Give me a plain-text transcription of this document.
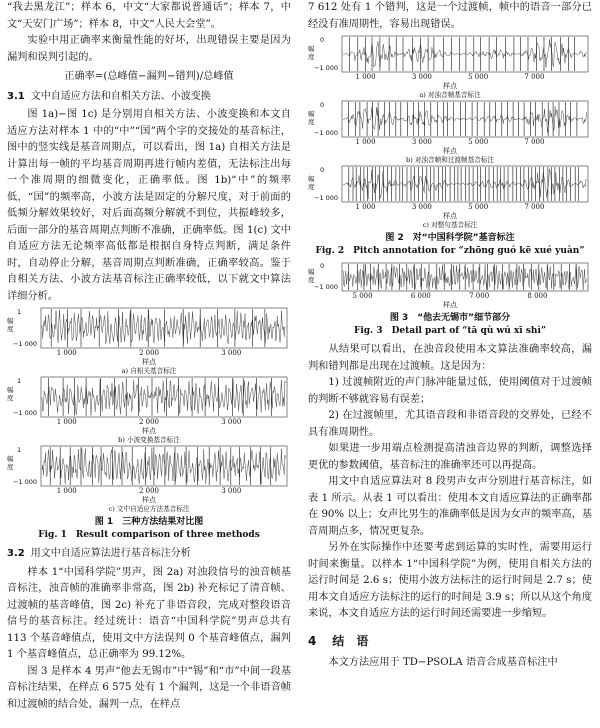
“我去黑龙江”；样本 6，中文“大家都说普通话”；样本 7，中文“天安门广场”；样本 8，中文“人民大会堂”。

实验中用正确率来衡量性能的好坏，出现错误主要是因为漏判和误判引起的。

正确率=(总峰值−漏判−错判)/总峰值

3.1 文中自适应方法和自相关方法、小波变换

图 1a)−图 1c) 是分别用自相关方法、小波变换和本文自适应方法对样本 1 中的“中”“国”两个字的交接处的基音标注，图中的竖实线是基音周期点，可以看出，图 1a) 自相关方法是计算出每一帧的平均基音周期再进行帧内差值，无法标注出每一个准周期的细微变化，正确率低。图 1b)“中”的频率低，“国”的频率高，小波方法是固定的分解尺度，对于前面的低频分解效果较好，对后面高频分解就不到位，共振峰较多，后面一部分的基音周期点判断不准确，正确率低。图 1(c) 文中自适应方法无论频率高低都是根据自身特点判断，满足条件时，自动停止分解，基音周期点判断准确，正确率较高。鉴于自相关方法、小波方法基音标注正确率较低，以下就文中算法详细分析。

幅度
1
−1 000
1 000	2 000	3 000
样点
a) 自相关基音标注
幅度
1
−1 000
1 000	2 000	3 000
样点
b) 小波变换基音标注
幅度
1
−1 000
1 000	2 000	3 000
样点
c) 文中自适应方法基音标注
图 1　三种方法结果对比图
Fig. 1　Result comparison of three methods
3.2 用文中自适应算法进行基音标注分析

样本 1“中国科学院”男声，图 2a) 对浊段信号的浊音帧基音标注，浊音帧的准确率非常高，图 2b) 补充标记了清音帧、过渡帧的基音峰值，图 2c) 补充了非语音段，完成对整段语音信号的基音标注。经过统计：语音“中国科学院”男声总共有 113 个基音峰值点，使用文中方法误判 0 个基音峰值点，漏判 1 个基音峰值点，总正确率为 99.12%。

图 3 是样本 4 男声“他去无锡市”中“锡”和“市”中间一段基音标注结果，在样点 6 575 处有 1 个漏判，这是一个非语音帧和过渡帧的结合处，漏判一点，在样点

7 612 处有 1 个错判，这是一个过渡帧，帧中的语音一部分已经没有准周期性，容易出现错误。

幅度
0
−1 000
1 000	3 000	5 000	7 000
样点
a) 对浊音帧基音标注
幅度
0
−1 000
1 000	3 000	5 000	7 000
样点
b) 对浊音帧和过渡帧基音标注
幅度
0
−1 000
1 000	3 000	5 000	7 000
样点
c) 对整句基音标注
图 2　对“中国科学院”基音标注
Fig. 2　Pitch annotation for “zhōng guó kē xué yuàn”
幅度
0
−1 000
5 000	6 000	7 000	8 000
样点
图 3　“他去无锡市”细节部分
Fig. 3　Detail part of “tā qù wú xī shì”

从结果可以看出，在浊音段使用本文算法准确率较高，漏判和错判都是出现在过渡帧。这是因为：

1) 过渡帧附近的声门脉冲能量过低，使用阈值对于过渡帧的判断不够就容易有误差；

2) 在过渡帧里，尤其语音段和非语音段的交界处，已经不具有准周期性。

如果进一步用端点检测提高清浊音边界的判断，调整选择更优的参数阈值，基音标注的准确率还可以再提高。

用文中自适应算法对 8 段男声女声分别进行基音标注，如表 1 所示。从表 1 可以看出：使用本文自适应算法的正确率都在 90% 以上；女声比男生的准确率低是因为女声的频率高，基音周期点多，情况更复杂。

另外在实际操作中还要考虑到运算的实时性，需要用运行时间来衡量。以样本 1“中国科学院”为例，使用自相关方法的运行时间是 2.6 s；使用小波方法标注的运行时间是 2.7 s；使用本文自适应方法标注的运行的时间是 3.9 s；所以从这个角度来说，本文自适应方法的运行时间还需要进一步缩短。

4 结　语

本文方法应用于 TD−PSOLA 语音合成基音标注中
